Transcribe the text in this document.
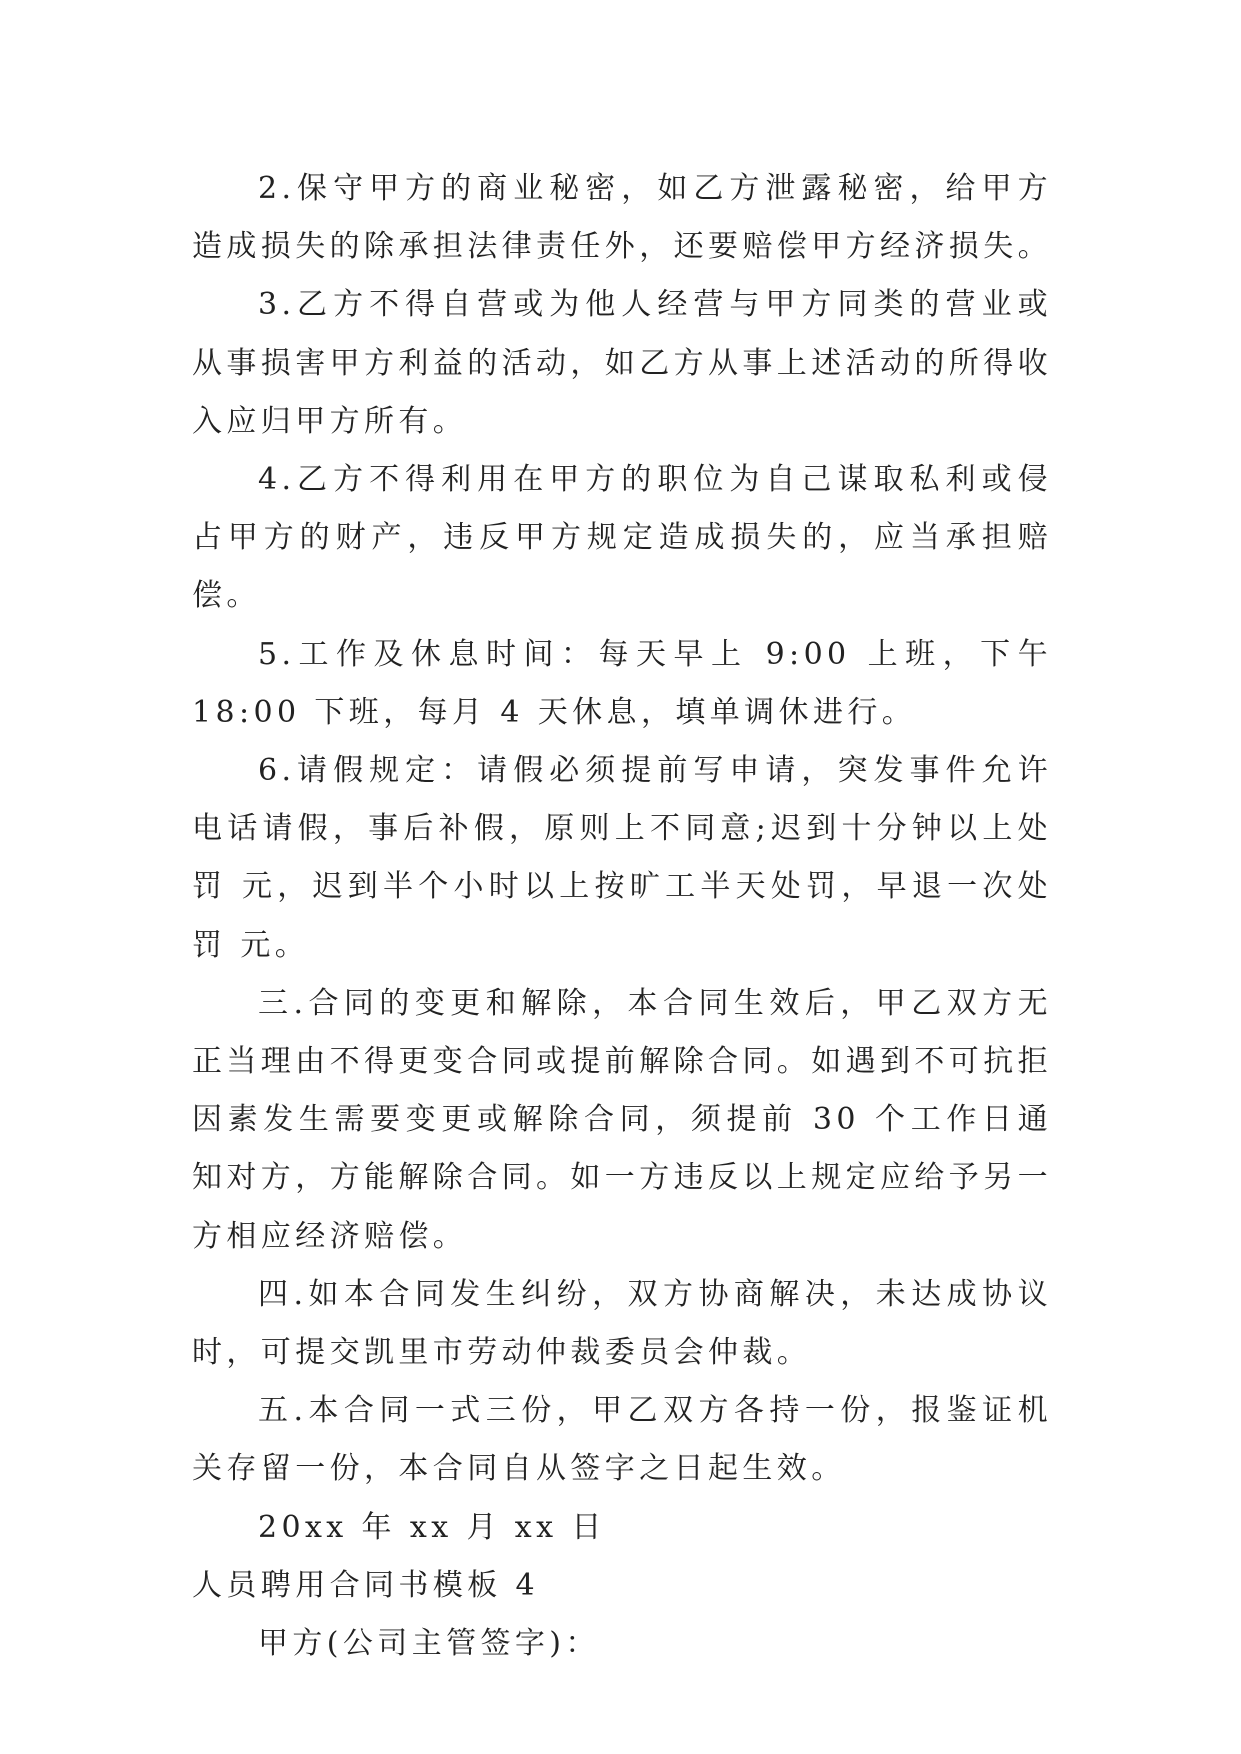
2.保守甲方的商业秘密，如乙方泄露秘密，给甲方造成损失的除承担法律责任外，还要赔偿甲方经济损失。

3.乙方不得自营或为他人经营与甲方同类的营业或从事损害甲方利益的活动，如乙方从事上述活动的所得收入应归甲方所有。

4.乙方不得利用在甲方的职位为自己谋取私利或侵占甲方的财产，违反甲方规定造成损失的，应当承担赔偿。

5.工作及休息时间：每天早上 9:00 上班，下午 18:00 下班，每月 4 天休息，填单调休进行。

6.请假规定：请假必须提前写申请，突发事件允许电话请假，事后补假，原则上不同意;迟到十分钟以上处罚 元，迟到半个小时以上按旷工半天处罚，早退一次处罚 元。

三.合同的变更和解除，本合同生效后，甲乙双方无正当理由不得更变合同或提前解除合同。如遇到不可抗拒因素发生需要变更或解除合同，须提前 30 个工作日通知对方，方能解除合同。如一方违反以上规定应给予另一方相应经济赔偿。

四.如本合同发生纠纷，双方协商解决，未达成协议时，可提交凯里市劳动仲裁委员会仲裁。

五.本合同一式三份，甲乙双方各持一份，报鉴证机关存留一份，本合同自从签字之日起生效。

20xx 年 xx 月 xx 日

人员聘用合同书模板 4

甲方(公司主管签字)：
